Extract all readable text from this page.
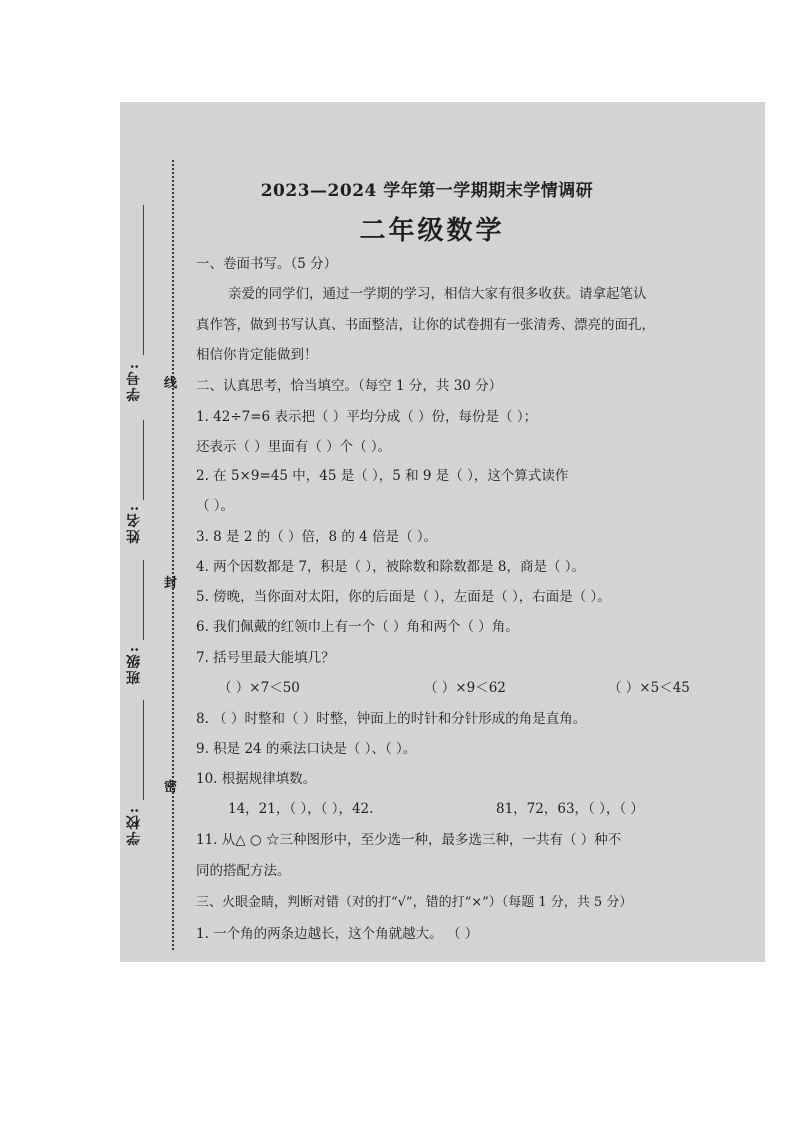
学号:
姓名:
班级:
学校:
线
封
密
2023—2024 学年第一学期期末学情调研
二年级数学
一、卷面书写。（5 分）
亲爱的同学们，通过一学期的学习，相信大家有很多收获。请拿起笔认
真作答，做到书写认真、书面整洁，让你的试卷拥有一张清秀、漂亮的面孔，
相信你肯定能做到！
二、认真思考，恰当填空。（每空 1 分，共 30 分）
1. 42÷7=6 表示把（ ）平均分成（ ）份，每份是（ ）；
还表示（ ）里面有（ ）个（ ）。
2. 在 5×9=45 中，45 是（ ），5 和 9 是（ ），这个算式读作
（ ）。
3. 8 是 2 的（ ）倍，8 的 4 倍是（ ）。
4. 两个因数都是 7，积是（ ），被除数和除数都是 8，商是（ ）。
5. 傍晚，当你面对太阳，你的后面是（ ），左面是（ ），右面是（ ）。
6. 我们佩戴的红领巾上有一个（ ）角和两个（ ）角。
7. 括号里最大能填几？
（ ）×7＜50	（ ）×9＜62	（ ）×5＜45
8. （ ）时整和（ ）时整，钟面上的时针和分针形成的角是直角。
9. 积是 24 的乘法口诀是（ ）、（ ）。
10. 根据规律填数。
14，21，（ ），（ ），42.	81，72，63，（ ），（ ）
11. 从△ ○ ☆三种图形中，至少选一种，最多选三种，一共有（ ）种不
同的搭配方法。
三、火眼金睛，判断对错（对的打“√”，错的打“×”）（每题 1 分，共 5 分）
1. 一个角的两条边越长，这个角就越大。 （ ）
